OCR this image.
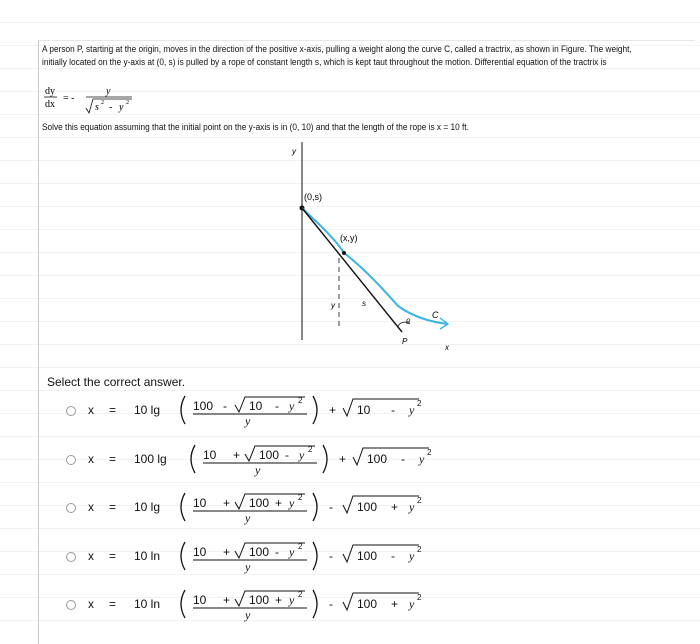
A person P, starting at the origin, moves in the direction of the positive x-axis, pulling a weight along the curve C, called a tractrix, as shown in Figure. The weight, initially located on the y-axis at (0, s) is pulled by a rope of constant length s, which is kept taut throughout the motion. Differential equation of the tractrix is
dy
dx
= -
y
s 2 - y 2
Solve this equation assuming that the initial point on the y-axis is in (0, 10) and that the length of the rope is x = 10 ft.
y
(0,s)
(x,y)
y	s
C
θ
P
x
Select the correct answer.
x = 10 lg	100 - 10 - y 2
y
+ 10 - y 2
x = 100 lg	10 + 100 - y 2
y
+ 100 - y 2
x = 10 lg	10 + 100 + y 2
y
- 100 + y 2
x = 10 ln	10 + 100 - y 2
y
- 100 - y 2
x = 10 ln	10 + 100 + y 2
y
- 100 + y 2
